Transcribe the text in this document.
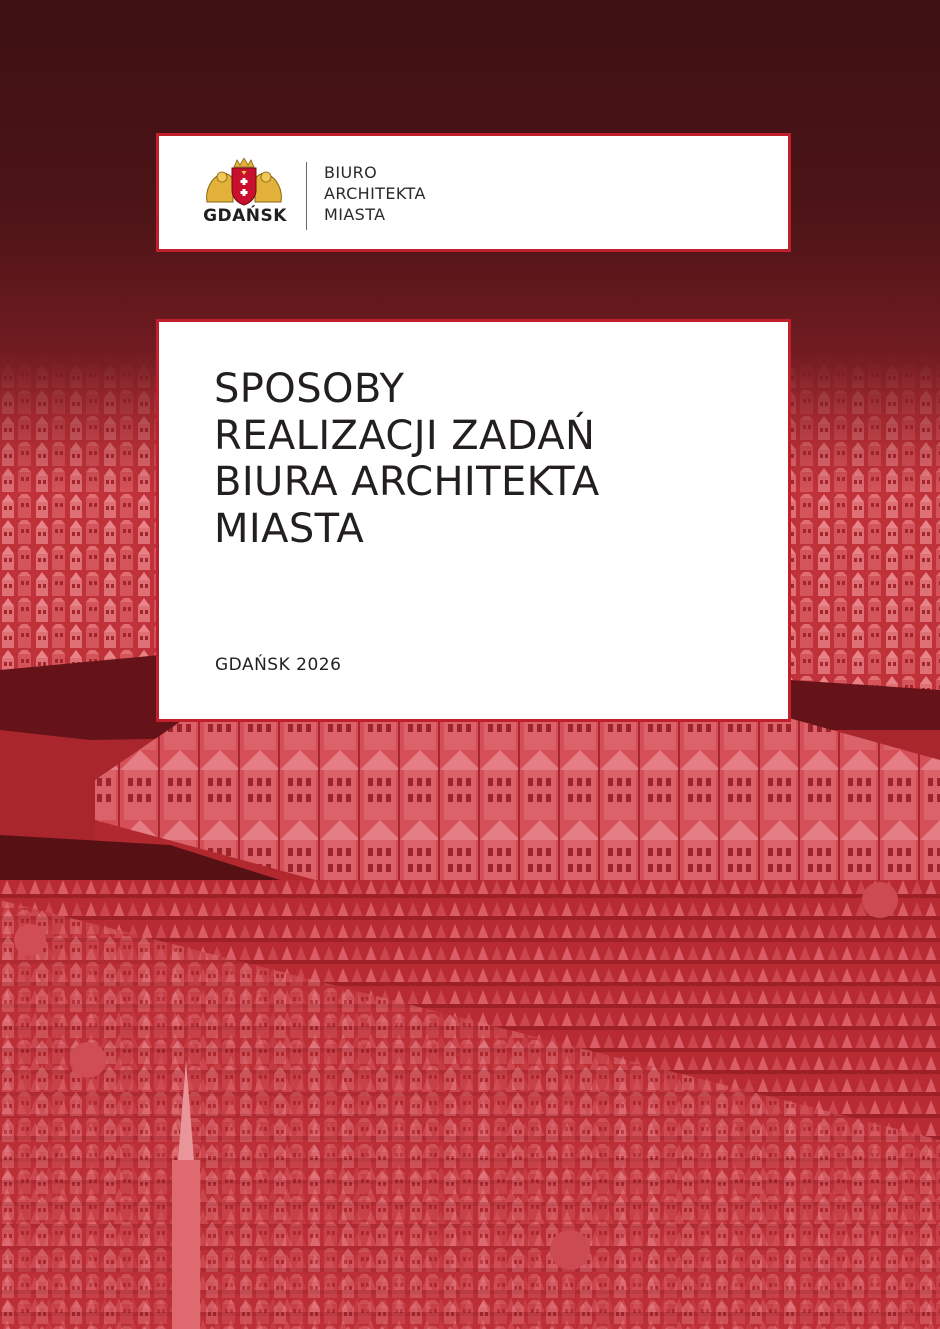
GDAŃSK
BIURO
ARCHITEKTA
MIASTA
SPOSOBY
REALIZACJI ZADAŃ
BIURA ARCHITEKTA
MIASTA
GDAŃSK 2026
